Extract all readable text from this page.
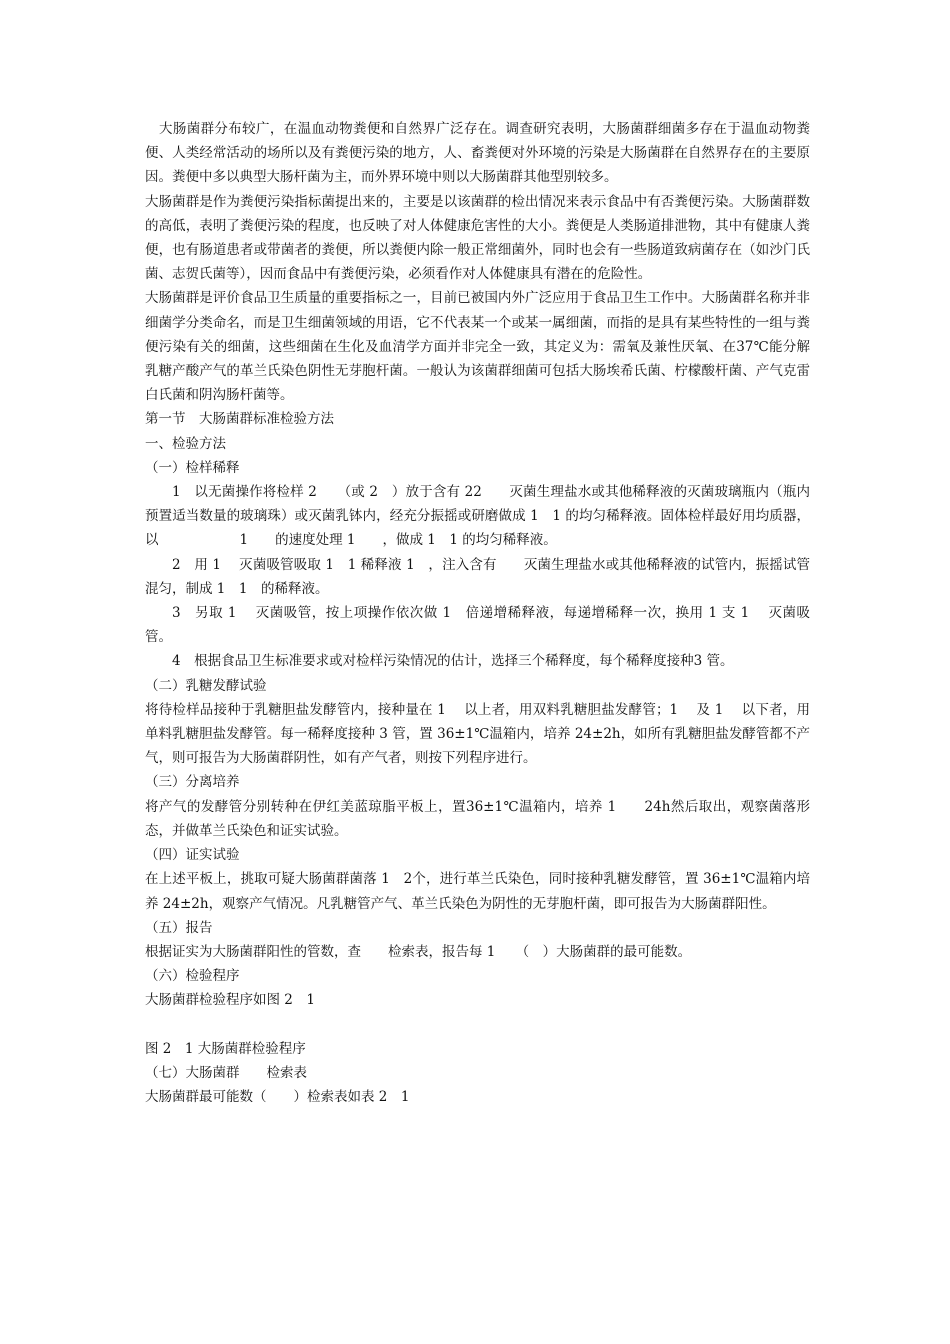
大肠菌群分布较广，在温血动物粪便和自然界广泛存在。调查研究表明，大肠菌群细菌多存在于温血动物粪便、人类经常活动的场所以及有粪便污染的地方，人、畜粪便对外环境的污染是大肠菌群在自然界存在的主要原因。粪便中多以典型大肠杆菌为主，而外界环境中则以大肠菌群其他型别较多。
大肠菌群是作为粪便污染指标菌提出来的，主要是以该菌群的检出情况来表示食品中有否粪便污染。大肠菌群数的高低，表明了粪便污染的程度，也反映了对人体健康危害性的大小。粪便是人类肠道排泄物，其中有健康人粪便，也有肠道患者或带菌者的粪便，所以粪便内除一般正常细菌外，同时也会有一些肠道致病菌存在（如沙门氏菌、志贺氏菌等），因而食品中有粪便污染，必须看作对人体健康具有潜在的危险性。
大肠菌群是评价食品卫生质量的重要指标之一，目前已被国内外广泛应用于食品卫生工作中。大肠菌群名称并非细菌学分类命名，而是卫生细菌领域的用语，它不代表某一个或某一属细菌，而指的是具有某些特性的一组与粪便污染有关的细菌，这些细菌在生化及血清学方面并非完全一致，其定义为：需氧及兼性厌氧、在37℃能分解乳糖产酸产气的革兰氏染色阴性无芽胞杆菌。一般认为该菌群细菌可包括大肠埃希氏菌、柠檬酸杆菌、产气克雷白氏菌和阴沟肠杆菌等。
第一节　大肠菌群标准检验方法
一、检验方法
（一）检样稀释
1　以无菌操作将检样 2　　（或 2　）放于含有 22　　灭菌生理盐水或其他稀释液的灭菌玻璃瓶内（瓶内预置适当数量的玻璃珠）或灭菌乳钵内，经充分振摇或研磨做成 1　1 的均匀稀释液。固体检样最好用均质器，以　　　　　　1　　的速度处理 1　　，做成 1　1 的均匀稀释液。
2　用 1　 灭菌吸管吸取 1　1 稀释液 1　，注入含有　　灭菌生理盐水或其他稀释液的试管内，振摇试管混匀，制成 1　1　的稀释液。
3　另取 1　 灭菌吸管，按上项操作依次做 1　倍递增稀释液，每递增稀释一次，换用 1 支 1　 灭菌吸管。
4　根据食品卫生标准要求或对检样污染情况的估计，选择三个稀释度，每个稀释度接种3 管。
（二）乳糖发酵试验
将待检样品接种于乳糖胆盐发酵管内，接种量在 1　 以上者，用双料乳糖胆盐发酵管；1　 及 1　 以下者，用单料乳糖胆盐发酵管。每一稀释度接种 3 管，置 36±1℃温箱内，培养 24±2h，如所有乳糖胆盐发酵管都不产气，则可报告为大肠菌群阴性，如有产气者，则按下列程序进行。
（三）分离培养
将产气的发酵管分别转种在伊红美蓝琼脂平板上，置36±1℃温箱内，培养 1　　24h然后取出，观察菌落形态，并做革兰氏染色和证实试验。
（四）证实试验
在上述平板上，挑取可疑大肠菌群菌落 1　2个，进行革兰氏染色，同时接种乳糖发酵管，置 36±1℃温箱内培养 24±2h，观察产气情况。凡乳糖管产气、革兰氏染色为阴性的无芽胞杆菌，即可报告为大肠菌群阳性。
（五）报告
根据证实为大肠菌群阳性的管数，查　　检索表，报告每 1　　（　）大肠菌群的最可能数。
（六）检验程序
大肠菌群检验程序如图 2　1
图 2　1 大肠菌群检验程序
（七）大肠菌群　　检索表
大肠菌群最可能数（　　）检索表如表 2　1
